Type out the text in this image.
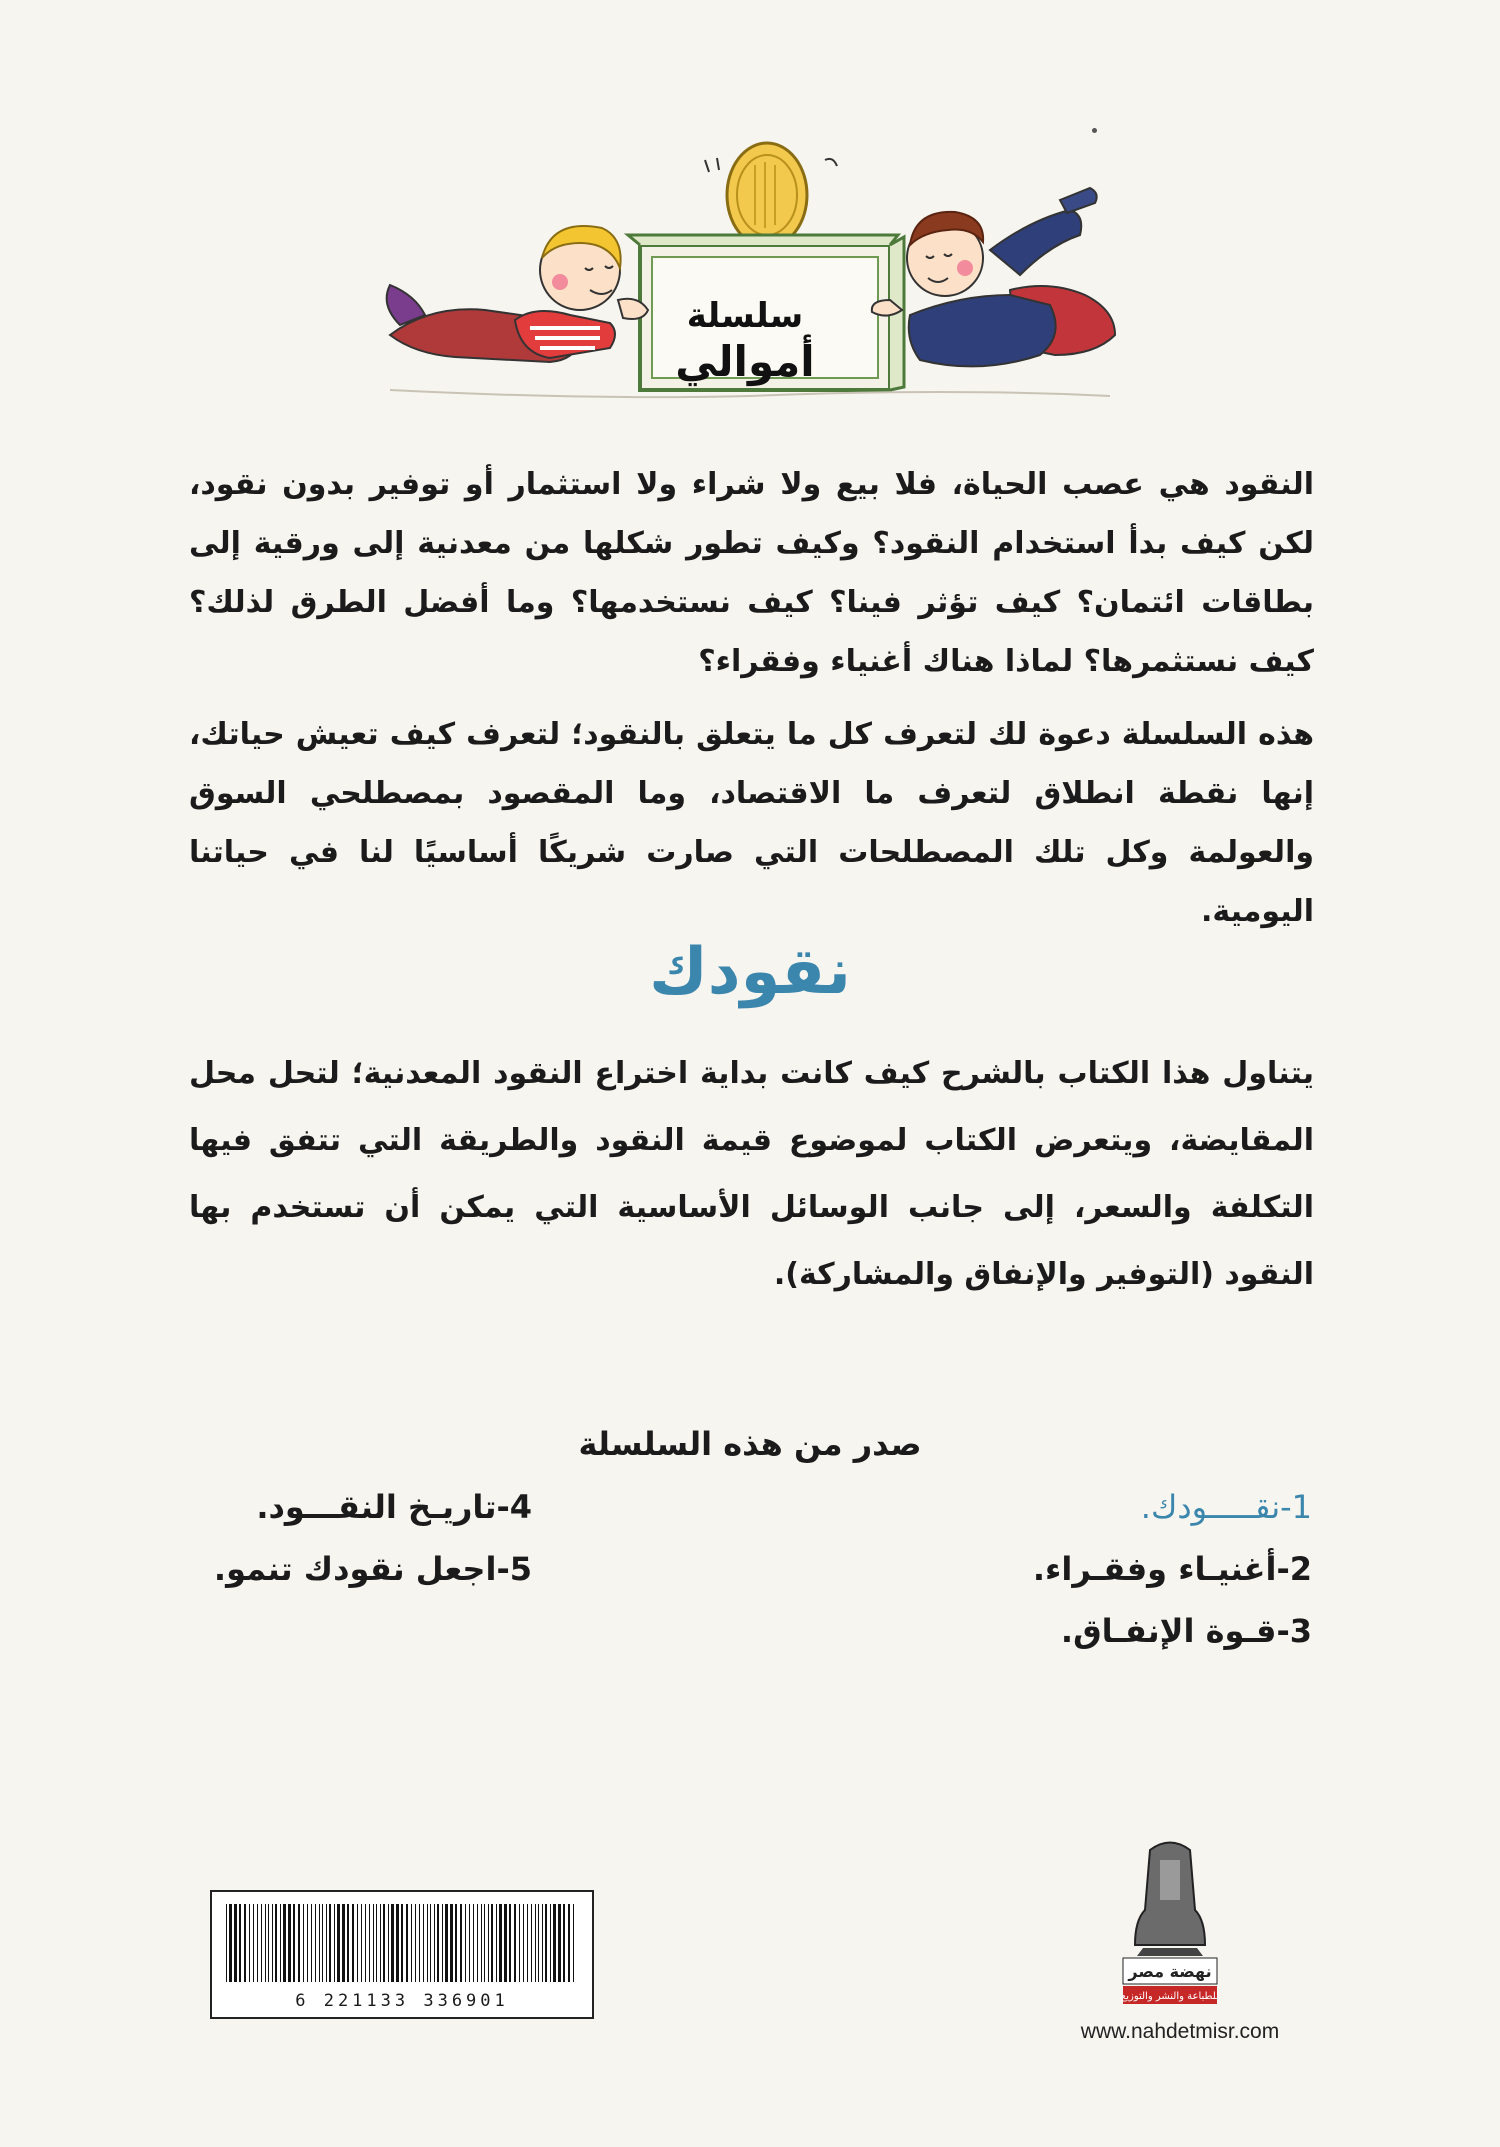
سلسلة
أموالي

النقود هي عصب الحياة، فلا بيع ولا شراء ولا استثمار أو توفير بدون نقود، لكن كيف بدأ استخدام النقود؟ وكيف تطور شكلها من معدنية إلى ورقية إلى بطاقات ائتمان؟ كيف تؤثر فينا؟ كيف نستخدمها؟ وما أفضل الطرق لذلك؟ كيف نستثمرها؟ لماذا هناك أغنياء وفقراء؟

هذه السلسلة دعوة لك لتعرف كل ما يتعلق بالنقود؛ لتعرف كيف تعيش حياتك، إنها نقطة انطلاق لتعرف ما الاقتصاد، وما المقصود بمصطلحي السوق والعولمة وكل تلك المصطلحات التي صارت شريكًا أساسيًا لنا في حياتنا اليومية.

نقودك

يتناول هذا الكتاب بالشرح كيف كانت بداية اختراع النقود المعدنية؛ لتحل محل المقايضة، ويتعرض الكتاب لموضوع قيمة النقود والطريقة التي تتفق فيها التكلفة والسعر، إلى جانب الوسائل الأساسية التي يمكن أن تستخدم بها النقود (التوفير والإنفاق والمشاركة).

صدر من هذه السلسلة
1-نقـــــودك.
2-أغنيـاء وفقـراء.
3-قـوة الإنفـاق.
4-تاريـخ النقـــود.
5-اجعل نقودك تنمو.
6 221133 336901
نهضة مصر
للطباعة والنشر والتوزيع
www.nahdetmisr.com
